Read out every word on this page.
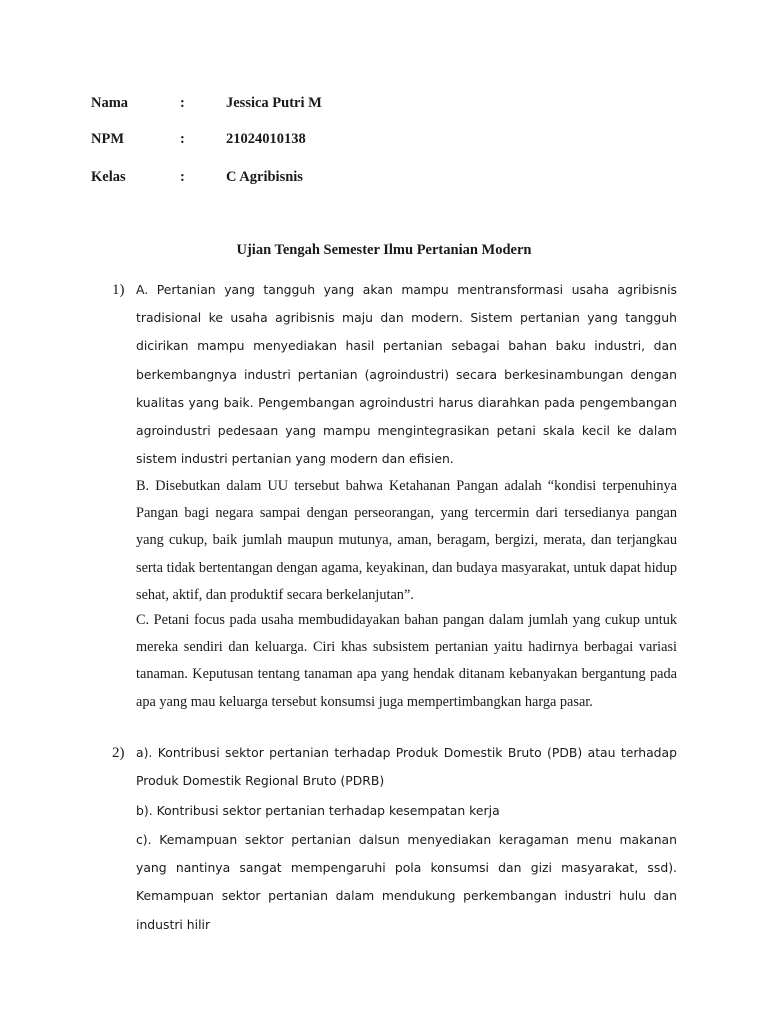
Nama	:	Jessica Putri M
NPM	:	21024010138
Kelas	:	C Agribisnis
Ujian Tengah Semester Ilmu Pertanian Modern
1) A. Pertanian yang tangguh yang akan mampu mentransformasi usaha agribisnis tradisional ke usaha agribisnis maju dan modern. Sistem pertanian yang tangguh dicirikan mampu menyediakan hasil pertanian sebagai bahan baku industri, dan berkembangnya industri pertanian (agroindustri) secara berkesinambungan dengan kualitas yang baik. Pengembangan agroindustri harus diarahkan pada pengembangan agroindustri pedesaan yang mampu mengintegrasikan petani skala kecil ke dalam sistem industri pertanian yang modern dan efisien.
B. Disebutkan dalam UU tersebut bahwa Ketahanan Pangan adalah “kondisi terpenuhinya Pangan bagi negara sampai dengan perseorangan, yang tercermin dari tersedianya pangan yang cukup, baik jumlah maupun mutunya, aman, beragam, bergizi, merata, dan terjangkau serta tidak bertentangan dengan agama, keyakinan, dan budaya masyarakat, untuk dapat hidup sehat, aktif, dan produktif secara berkelanjutan”.
C. Petani focus pada usaha membudidayakan bahan pangan dalam jumlah yang cukup untuk mereka sendiri dan keluarga. Ciri khas subsistem pertanian yaitu hadirnya berbagai variasi tanaman. Keputusan tentang tanaman apa yang hendak ditanam kebanyakan bergantung pada apa yang mau keluarga tersebut konsumsi juga mempertimbangkan harga pasar.
2) a). Kontribusi sektor pertanian terhadap Produk Domestik Bruto (PDB) atau terhadap Produk Domestik Regional Bruto (PDRB)
b). Kontribusi sektor pertanian terhadap kesempatan kerja
c). Kemampuan sektor pertanian dalsun menyediakan keragaman menu makanan yang nantinya sangat mempengaruhi pola konsumsi dan gizi masyarakat, ssd). Kemampuan sektor pertanian dalam mendukung perkembangan industri hulu dan industri hilir
